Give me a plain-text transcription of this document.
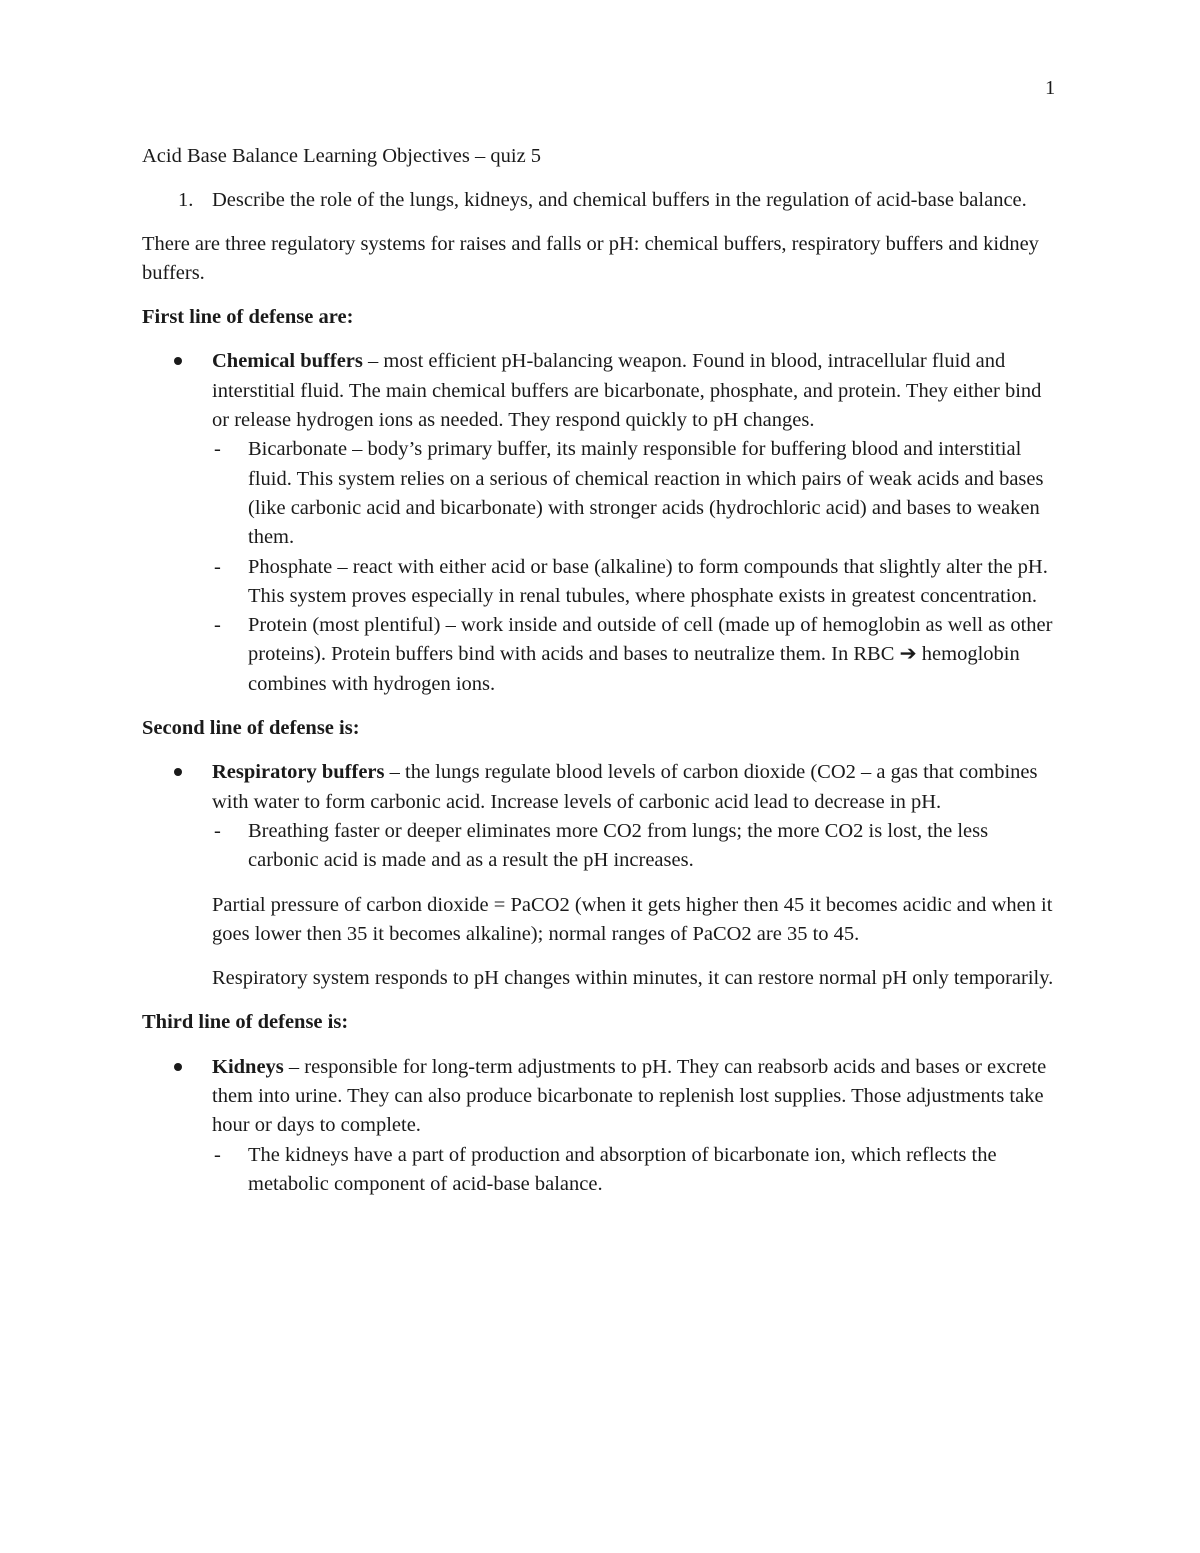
1

Acid Base Balance Learning Objectives – quiz 5

1. Describe the role of the lungs, kidneys, and chemical buffers in the regulation of acid-base balance.

There are three regulatory systems for raises and falls or pH: chemical buffers, respiratory buffers and kidney buffers.

First line of defense are:

Chemical buffers – most efficient pH-balancing weapon. Found in blood, intracellular fluid and interstitial fluid. The main chemical buffers are bicarbonate, phosphate, and protein. They either bind or release hydrogen ions as needed. They respond quickly to pH changes.

-	Bicarbonate – body’s primary buffer, its mainly responsible for buffering blood and interstitial fluid. This system relies on a serious of chemical reaction in which pairs of weak acids and bases (like carbonic acid and bicarbonate) with stronger acids (hydrochloric acid) and bases to weaken them.
-	Phosphate – react with either acid or base (alkaline) to form compounds that slightly alter the pH. This system proves especially in renal tubules, where phosphate exists in greatest concentration.
-	Protein (most plentiful) – work inside and outside of cell (made up of hemoglobin as well as other proteins). Protein buffers bind with acids and bases to neutralize them. In RBC ➔ hemoglobin combines with hydrogen ions.

Second line of defense is:

Respiratory buffers – the lungs regulate blood levels of carbon dioxide (CO2 – a gas that combines with water to form carbonic acid. Increase levels of carbonic acid lead to decrease in pH.

-	Breathing faster or deeper eliminates more CO2 from lungs; the more CO2 is lost, the less carbonic acid is made and as a result the pH increases.

Partial pressure of carbon dioxide = PaCO2 (when it gets higher then 45 it becomes acidic and when it goes lower then 35 it becomes alkaline); normal ranges of PaCO2 are 35 to 45.

Respiratory system responds to pH changes within minutes, it can restore normal pH only temporarily.

Third line of defense is:

Kidneys – responsible for long-term adjustments to pH. They can reabsorb acids and bases or excrete them into urine. They can also produce bicarbonate to replenish lost supplies. Those adjustments take hour or days to complete.

-	The kidneys have a part of production and absorption of bicarbonate ion, which reflects the metabolic component of acid-base balance.
